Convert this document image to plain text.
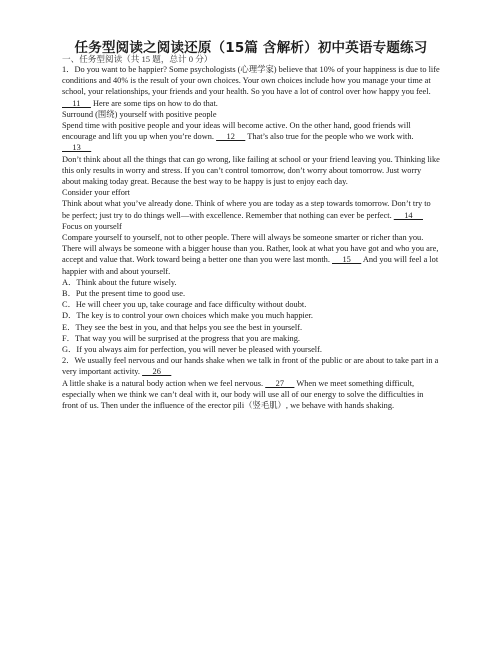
任务型阅读之阅读还原（15篇 含解析）初中英语专题练习
一、任务型阅读（共 15 题，总计 0 分）

1．Do you want to be happier? Some psychologists (心理学家) believe that 10% of your happiness is due to life conditions and 40% is the result of your own choices. Your own choices include how you manage your time at school, your relationships, your friends and your health. So you have a lot of control over how happy you feel.     11      Here are some tips on how to do that.

Surround (围绕) yourself with positive people

Spend time with positive people and your ideas will become active. On the other hand, good friends will encourage and lift you up when you’re down.      12      That’s also true for the people who we work with.

13

Don’t think about all the things that can go wrong, like failing at school or your friend leaving you. Thinking like this only results in worry and stress. If you can’t control tomorrow, don’t worry about tomorrow. Just worry about making today great. Because the best way to be happy is just to enjoy each day.

Consider your effort

Think about what you’ve already done. Think of where you are today as a step towards tomorrow. Don’t try to be perfect; just try to do things well—with excellence. Remember that nothing can ever be perfect.      14

Focus on yourself

Compare yourself to yourself, not to other people. There will always be someone smarter or richer than you. There will always be someone with a bigger house than you. Rather, look at what you have got and who you are, accept and value that. Work toward being a better one than you were last month.      15      And you will feel a lot happier with and about yourself.

A．Think about the future wisely.

B．Put the present time to good use.

C．He will cheer you up, take courage and face difficulty without doubt.

D．The key is to control your own choices which make you much happier.

E．They see the best in you, and that helps you see the best in yourself.

F．That way you will be surprised at the progress that you are making.

G．If you always aim for perfection, you will never be pleased with yourself.

2．We usually feel nervous and our hands shake when we talk in front of the public or are about to take part in a very important activity.      26

A little shake is a natural body action when we feel nervous.      27      When we meet something difficult, especially when we think we can’t deal with it, our body will use all of our energy to solve the difficulties in front of us. Then under the influence of the erector pili（竖毛肌）, we behave with hands shaking.
